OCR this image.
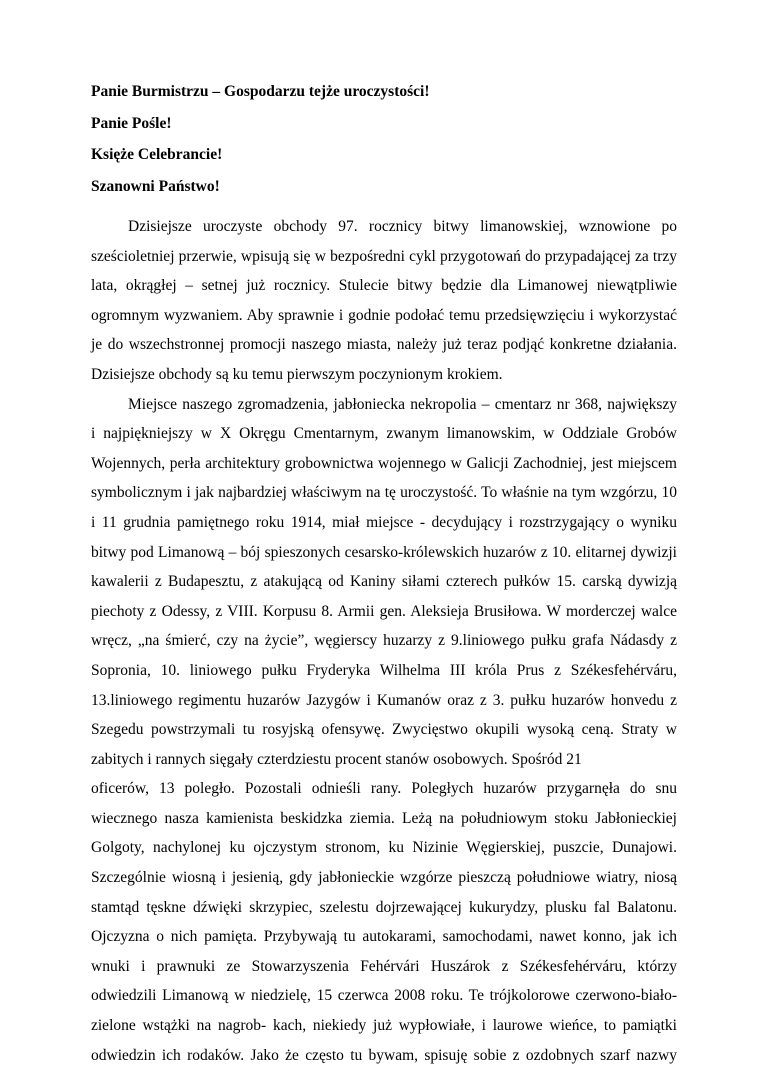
Panie Burmistrzu – Gospodarzu tejże uroczystości!
Panie Pośle!
Księże Celebrancie!
Szanowni Państwo!
Dzisiejsze uroczyste obchody 97. rocznicy bitwy limanowskiej, wznowione po
sześcioletniej przerwie, wpisują się w bezpośredni cykl przygotowań do przypadającej za trzy
lata, okrągłej – setnej już rocznicy. Stulecie bitwy będzie dla Limanowej niewątpliwie
ogromnym wyzwaniem. Aby sprawnie i godnie podołać temu przedsięwzięciu i wykorzystać
je do wszechstronnej promocji naszego miasta, należy już teraz podjąć konkretne działania.
Dzisiejsze obchody są ku temu pierwszym poczynionym krokiem.
Miejsce naszego zgromadzenia, jabłoniecka nekropolia – cmentarz nr 368, największy
i najpiękniejszy w X Okręgu Cmentarnym, zwanym limanowskim, w Oddziale Grobów
Wojennych, perła architektury grobownictwa wojennego w Galicji Zachodniej, jest miejscem
symbolicznym i jak najbardziej właściwym na tę uroczystość. To właśnie na tym wzgórzu, 10
i 11 grudnia pamiętnego roku 1914, miał miejsce - decydujący i rozstrzygający o wyniku
bitwy pod Limanową – bój spieszonych cesarsko-królewskich huzarów z 10. elitarnej dywizji
kawalerii z Budapesztu, z atakującą od Kaniny siłami czterech pułków 15. carską dywizją
piechoty z Odessy, z VIII. Korpusu 8. Armii gen. Aleksieja Brusiłowa. W morderczej walce
wręcz, „na śmierć, czy na życie”, węgierscy huzarzy z 9.liniowego pułku grafa Nádasdy z
Sopronia, 10. liniowego pułku Fryderyka Wilhelma III króla Prus z Székesfehérváru,
13.liniowego regimentu huzarów Jazygów i Kumanów oraz z 3. pułku huzarów honvedu z
Szegedu powstrzymali tu rosyjską ofensywę. Zwycięstwo okupili wysoką ceną. Straty w
zabitych i rannych sięgały czterdziestu procent stanów osobowych. Spośród 21
oficerów, 13 poległo. Pozostali odnieśli rany. Poległych huzarów przygarnęła do snu
wiecznego nasza kamienista beskidzka ziemia. Leżą na południowym stoku Jabłonieckiej
Golgoty, nachylonej ku ojczystym stronom, ku Nizinie Węgierskiej, puszcie, Dunajowi.
Szczególnie wiosną i jesienią, gdy jabłonieckie wzgórze pieszczą południowe wiatry, niosą
stamtąd tęskne dźwięki skrzypiec, szelestu dojrzewającej kukurydzy, plusku fal Balatonu.
Ojczyzna o nich pamięta. Przybywają tu autokarami, samochodami, nawet konno, jak ich
wnuki i prawnuki ze Stowarzyszenia Fehérvári Huszárok z Székesfehérváru, którzy
odwiedzili Limanową w niedzielę, 15 czerwca 2008 roku. Te trójkolorowe czerwono-biało-
zielone wstążki na nagrob- kach, niekiedy już wypłowiałe, i laurowe wieńce, to pamiątki
odwiedzin ich rodaków. Jako że często tu bywam, spisuję sobie z ozdobnych szarf nazwy
